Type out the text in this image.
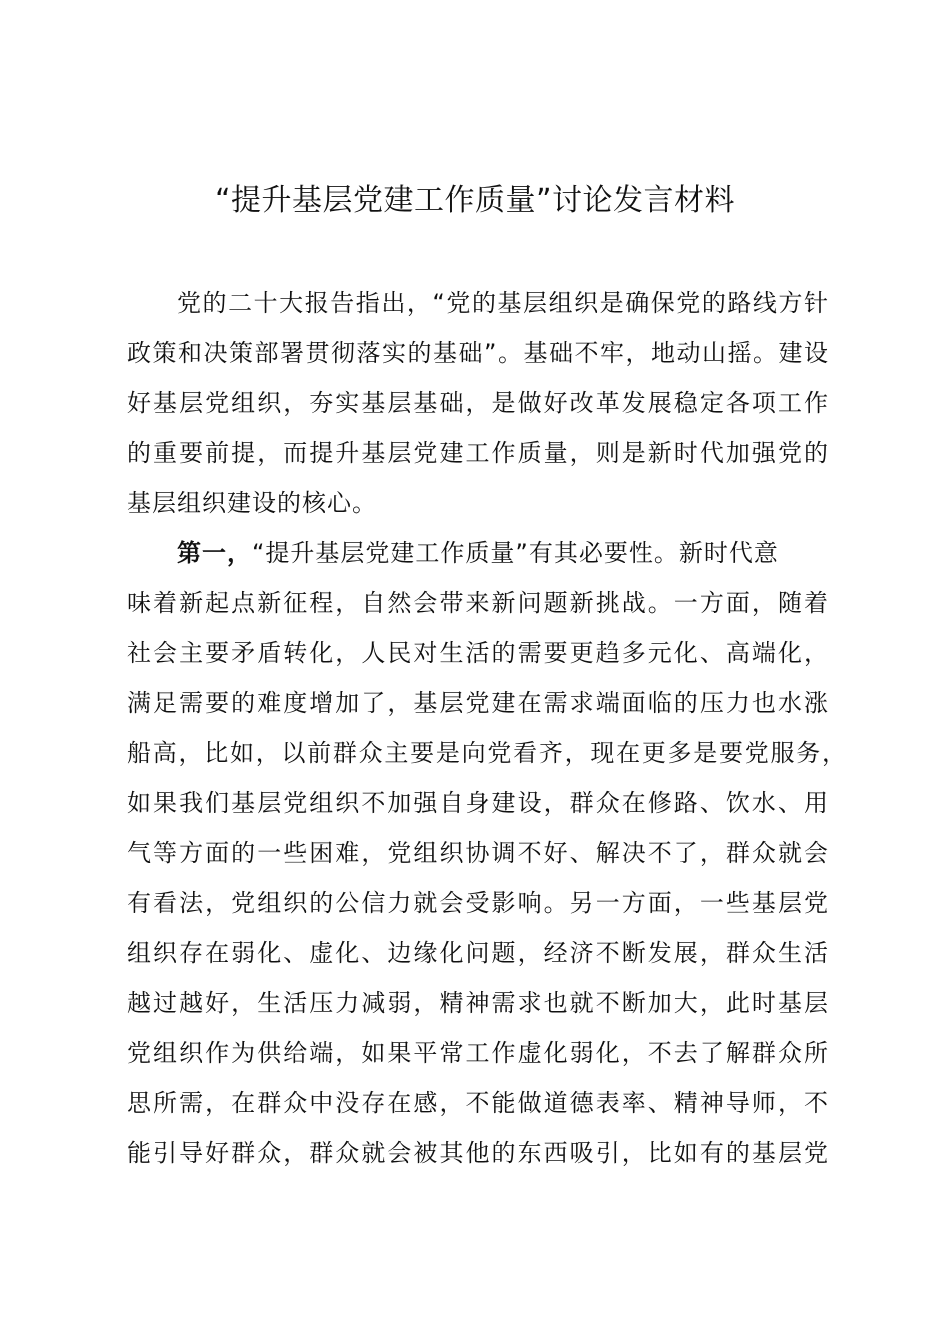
“提升基层党建工作质量”讨论发言材料
党的二十大报告指出，“党的基层组织是确保党的路线方针
政策和决策部署贯彻落实的基础”。基础不牢，地动山摇。建设
好基层党组织，夯实基层基础，是做好改革发展稳定各项工作
的重要前提，而提升基层党建工作质量，则是新时代加强党的
基层组织建设的核心。
第一，“提升基层党建工作质量”有其必要性。新时代意
味着新起点新征程，自然会带来新问题新挑战。一方面，随着
社会主要矛盾转化，人民对生活的需要更趋多元化、高端化，
满足需要的难度增加了，基层党建在需求端面临的压力也水涨
船高，比如，以前群众主要是向党看齐，现在更多是要党服务，
如果我们基层党组织不加强自身建设，群众在修路、饮水、用
气等方面的一些困难，党组织协调不好、解决不了，群众就会
有看法，党组织的公信力就会受影响。另一方面，一些基层党
组织存在弱化、虚化、边缘化问题，经济不断发展，群众生活
越过越好，生活压力减弱，精神需求也就不断加大，此时基层
党组织作为供给端，如果平常工作虚化弱化，不去了解群众所
思所需，在群众中没存在感，不能做道德表率、精神导师，不
能引导好群众，群众就会被其他的东西吸引，比如有的基层党
